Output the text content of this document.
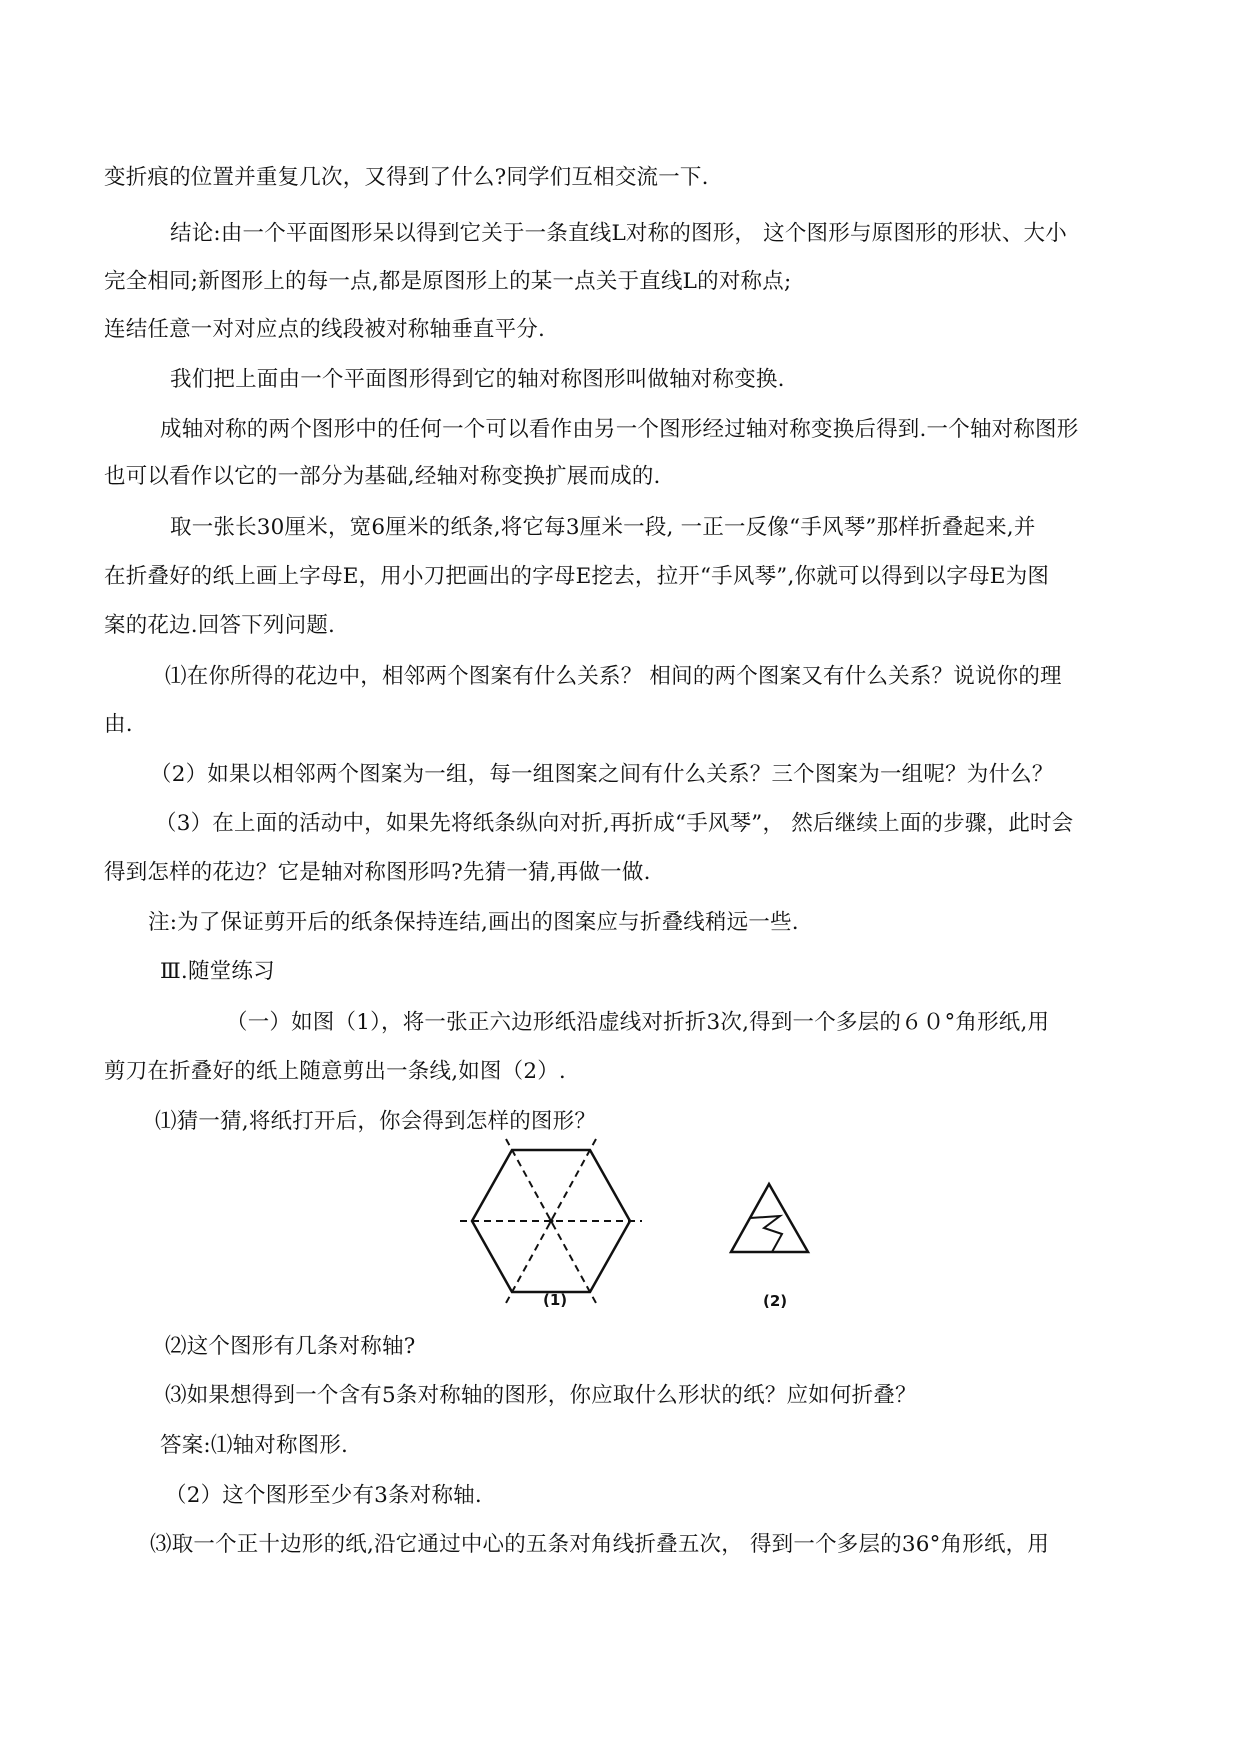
变折痕的位置并重复几次，又得到了什么?同学们互相交流一下.
结论:由一个平面图形呆以得到它关于一条直线L对称的图形， 这个图形与原图形的形状、大小
完全相同;新图形上的每一点,都是原图形上的某一点关于直线L的对称点;
连结任意一对对应点的线段被对称轴垂直平分.
我们把上面由一个平面图形得到它的轴对称图形叫做轴对称变换.
成轴对称的两个图形中的任何一个可以看作由另一个图形经过轴对称变换后得到.一个轴对称图形
也可以看作以它的一部分为基础,经轴对称变换扩展而成的.
取一张长30厘米，宽6厘米的纸条,将它每3厘米一段, 一正一反像“手风琴”那样折叠起来,并
在折叠好的纸上画上字母E，用小刀把画出的字母E挖去，拉开“手风琴”,你就可以得到以字母E为图
案的花边.回答下列问题.
⑴在你所得的花边中，相邻两个图案有什么关系？ 相间的两个图案又有什么关系？说说你的理
由.
（2）如果以相邻两个图案为一组，每一组图案之间有什么关系？三个图案为一组呢？为什么？
（3）在上面的活动中，如果先将纸条纵向对折,再折成“手风琴”， 然后继续上面的步骤，此时会
得到怎样的花边？它是轴对称图形吗?先猜一猜,再做一做.
注:为了保证剪开后的纸条保持连结,画出的图案应与折叠线稍远一些.
Ⅲ.随堂练习
（一）如图（1），将一张正六边形纸沿虚线对折折3次,得到一个多层的６０°角形纸,用
剪刀在折叠好的纸上随意剪出一条线,如图（2）.
⑴猜一猜,将纸打开后，你会得到怎样的图形？
(1)	(2)
⑵这个图形有几条对称轴?
⑶如果想得到一个含有5条对称轴的图形，你应取什么形状的纸？应如何折叠？
答案:⑴轴对称图形.
（2）这个图形至少有3条对称轴.
⑶取一个正十边形的纸,沿它通过中心的五条对角线折叠五次， 得到一个多层的36°角形纸，用
